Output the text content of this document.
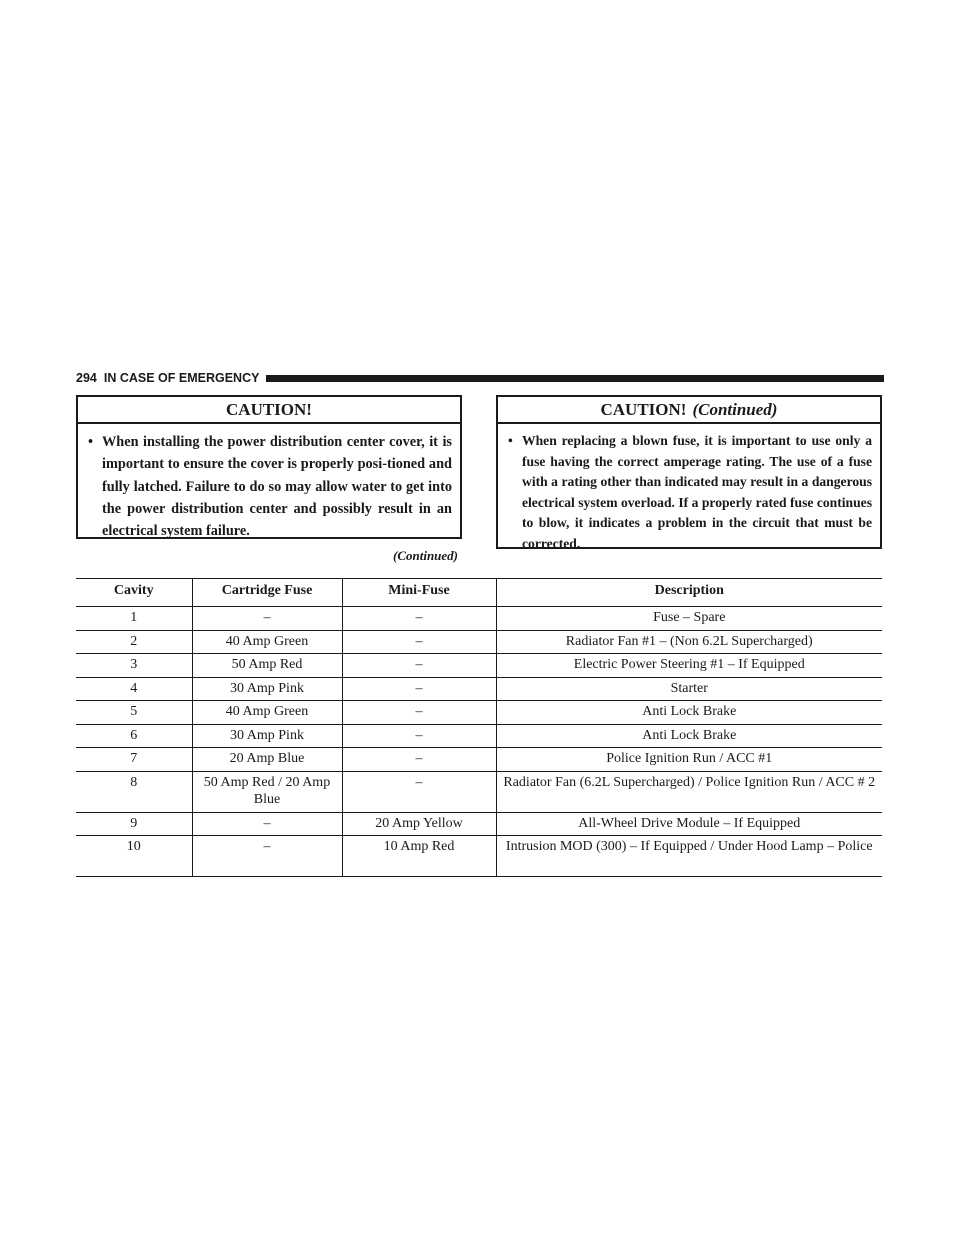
294 IN CASE OF EMERGENCY
CAUTION!
• When installing the power distribution center cover, it is important to ensure the cover is properly posi-tioned and fully latched. Failure to do so may allow water to get into the power distribution center and possibly result in an electrical system failure.
(Continued)
CAUTION! (Continued)
• When replacing a blown fuse, it is important to use only a fuse having the correct amperage rating. The use of a fuse with a rating other than indicated may result in a dangerous electrical system overload. If a properly rated fuse continues to blow, it indicates a problem in the circuit that must be corrected.
Cavity	Cartridge Fuse	Mini-Fuse	Description
1	–	–	Fuse – Spare
2	40 Amp Green	–	Radiator Fan #1 – (Non 6.2L Supercharged)
3	50 Amp Red	–	Electric Power Steering #1 – If Equipped
4	30 Amp Pink	–	Starter
5	40 Amp Green	–	Anti Lock Brake
6	30 Amp Pink	–	Anti Lock Brake
7	20 Amp Blue	–	Police Ignition Run / ACC #1
8	50 Amp Red / 20 Amp Blue	–	Radiator Fan (6.2L Supercharged) / Police Ignition Run / ACC # 2
9	–	20 Amp Yellow	All-Wheel Drive Module – If Equipped
10	–	10 Amp Red	Intrusion MOD (300) – If Equipped / Under Hood Lamp – Police
